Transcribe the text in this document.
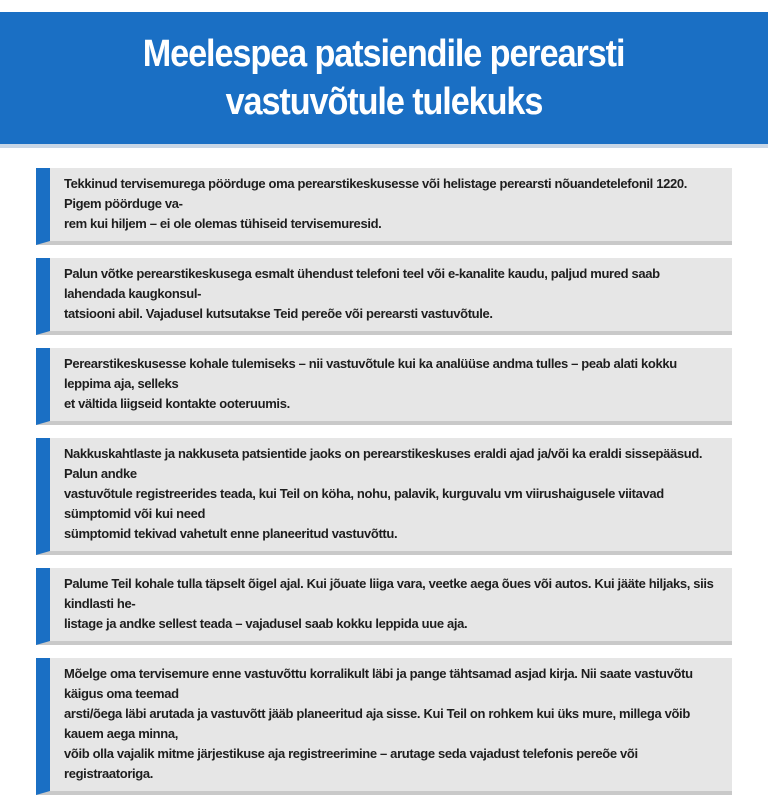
Meelespea patsiendile perearsti
vastuvõtule tulekuks
Tekkinud tervisemurega pöörduge oma perearstikeskusesse või helistage perearsti nõuandetelefonil 1220. Pigem pöörduge va-
rem kui hiljem – ei ole olemas tühiseid tervisemuresid.
Palun võtke perearstikeskusega esmalt ühendust telefoni teel või e-kanalite kaudu, paljud mured saab lahendada kaugkonsul-
tatsiooni abil. Vajadusel kutsutakse Teid pereõe või perearsti vastuvõtule.
Perearstikeskusesse kohale tulemiseks – nii vastuvõtule kui ka analüüse andma tulles – peab alati kokku leppima aja, selleks
et vältida liigseid kontakte ooteruumis.
Nakkuskahtlaste ja nakkuseta patsientide jaoks on perearstikeskuses eraldi ajad ja/või ka eraldi sissepääsud. Palun andke
vastuvõtule registreerides teada, kui Teil on köha, nohu, palavik, kurguvalu vm viirushaigusele viitavad sümptomid või kui need
sümptomid tekivad vahetult enne planeeritud vastuvõttu.
Palume Teil kohale tulla täpselt õigel ajal. Kui jõuate liiga vara, veetke aega õues või autos. Kui jääte hiljaks, siis kindlasti he-
listage ja andke sellest teada – vajadusel saab kokku leppida uue aja.
Mõelge oma tervisemure enne vastuvõttu korralikult läbi ja pange tähtsamad asjad kirja. Nii saate vastuvõtu käigus oma teemad
arsti/õega läbi arutada ja vastuvõtt jääb planeeritud aja sisse. Kui Teil on rohkem kui üks mure, millega võib kauem aega minna,
võib olla vajalik mitme järjestikuse aja registreerimine – arutage seda vajadust telefonis pereõe või registraatoriga.
